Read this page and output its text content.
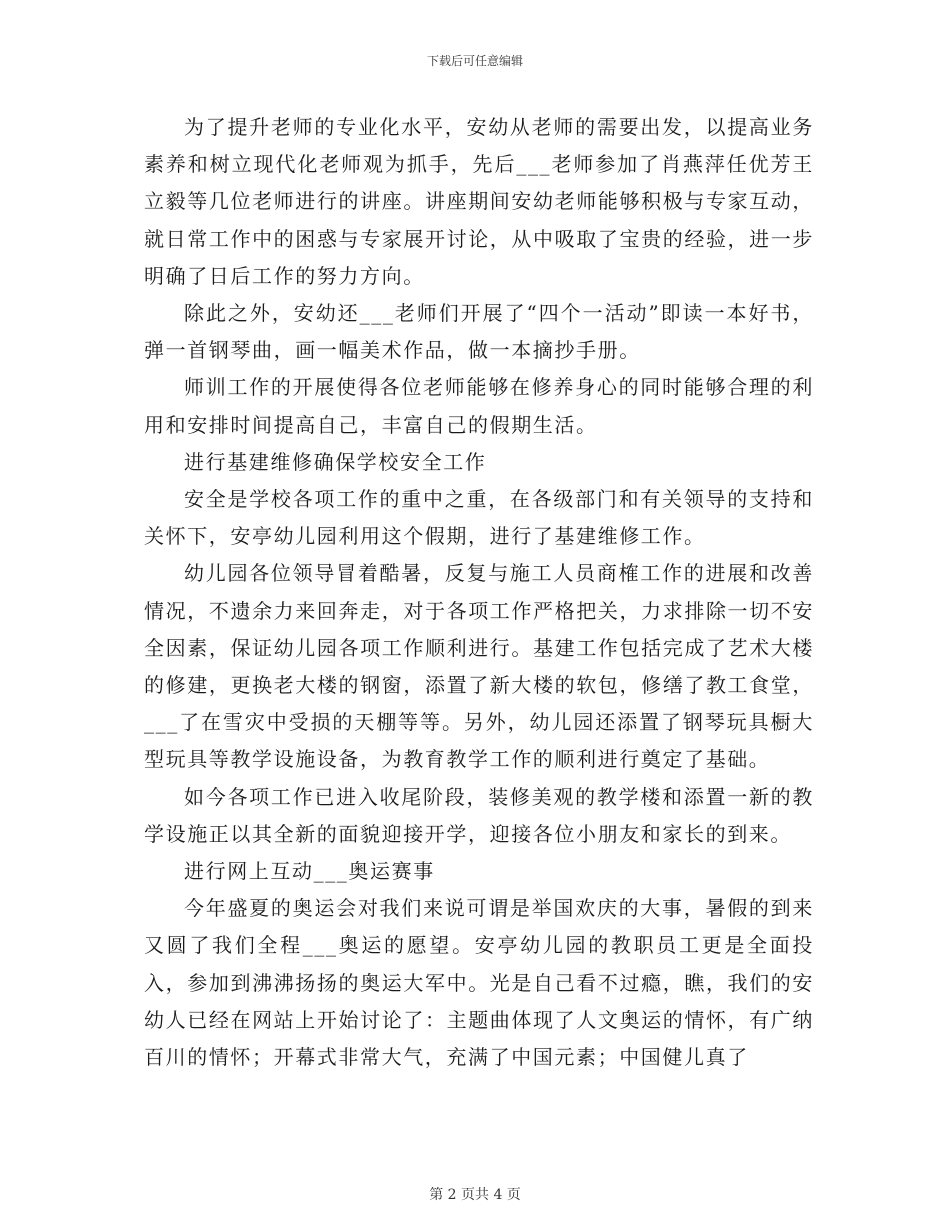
下载后可任意编辑

为了提升老师的专业化水平，安幼从老师的需要出发，以提高业务素养和树立现代化老师观为抓手，先后___老师参加了肖燕萍任优芳王立毅等几位老师进行的讲座。讲座期间安幼老师能够积极与专家互动，就日常工作中的困惑与专家展开讨论，从中吸取了宝贵的经验，进一步明确了日后工作的努力方向。

除此之外，安幼还___老师们开展了“四个一活动”即读一本好书，弹一首钢琴曲，画一幅美术作品，做一本摘抄手册。

师训工作的开展使得各位老师能够在修养身心的同时能够合理的利用和安排时间提高自己，丰富自己的假期生活。

进行基建维修确保学校安全工作

安全是学校各项工作的重中之重，在各级部门和有关领导的支持和关怀下，安亭幼儿园利用这个假期，进行了基建维修工作。

幼儿园各位领导冒着酷暑，反复与施工人员商榷工作的进展和改善情况，不遗余力来回奔走，对于各项工作严格把关，力求排除一切不安全因素，保证幼儿园各项工作顺利进行。基建工作包括完成了艺术大楼的修建，更换老大楼的钢窗，添置了新大楼的软包，修缮了教工食堂，___了在雪灾中受损的天棚等等。另外，幼儿园还添置了钢琴玩具橱大型玩具等教学设施设备，为教育教学工作的顺利进行奠定了基础。

如今各项工作已进入收尾阶段，装修美观的教学楼和添置一新的教学设施正以其全新的面貌迎接开学，迎接各位小朋友和家长的到来。

进行网上互动___奥运赛事

今年盛夏的奥运会对我们来说可谓是举国欢庆的大事，暑假的到来又圆了我们全程___奥运的愿望。安亭幼儿园的教职员工更是全面投入，参加到沸沸扬扬的奥运大军中。光是自己看不过瘾，瞧，我们的安幼人已经在网站上开始讨论了：主题曲体现了人文奥运的情怀，有广纳百川的情怀；开幕式非常大气，充满了中国元素；中国健儿真了

第 2 页共 4 页
